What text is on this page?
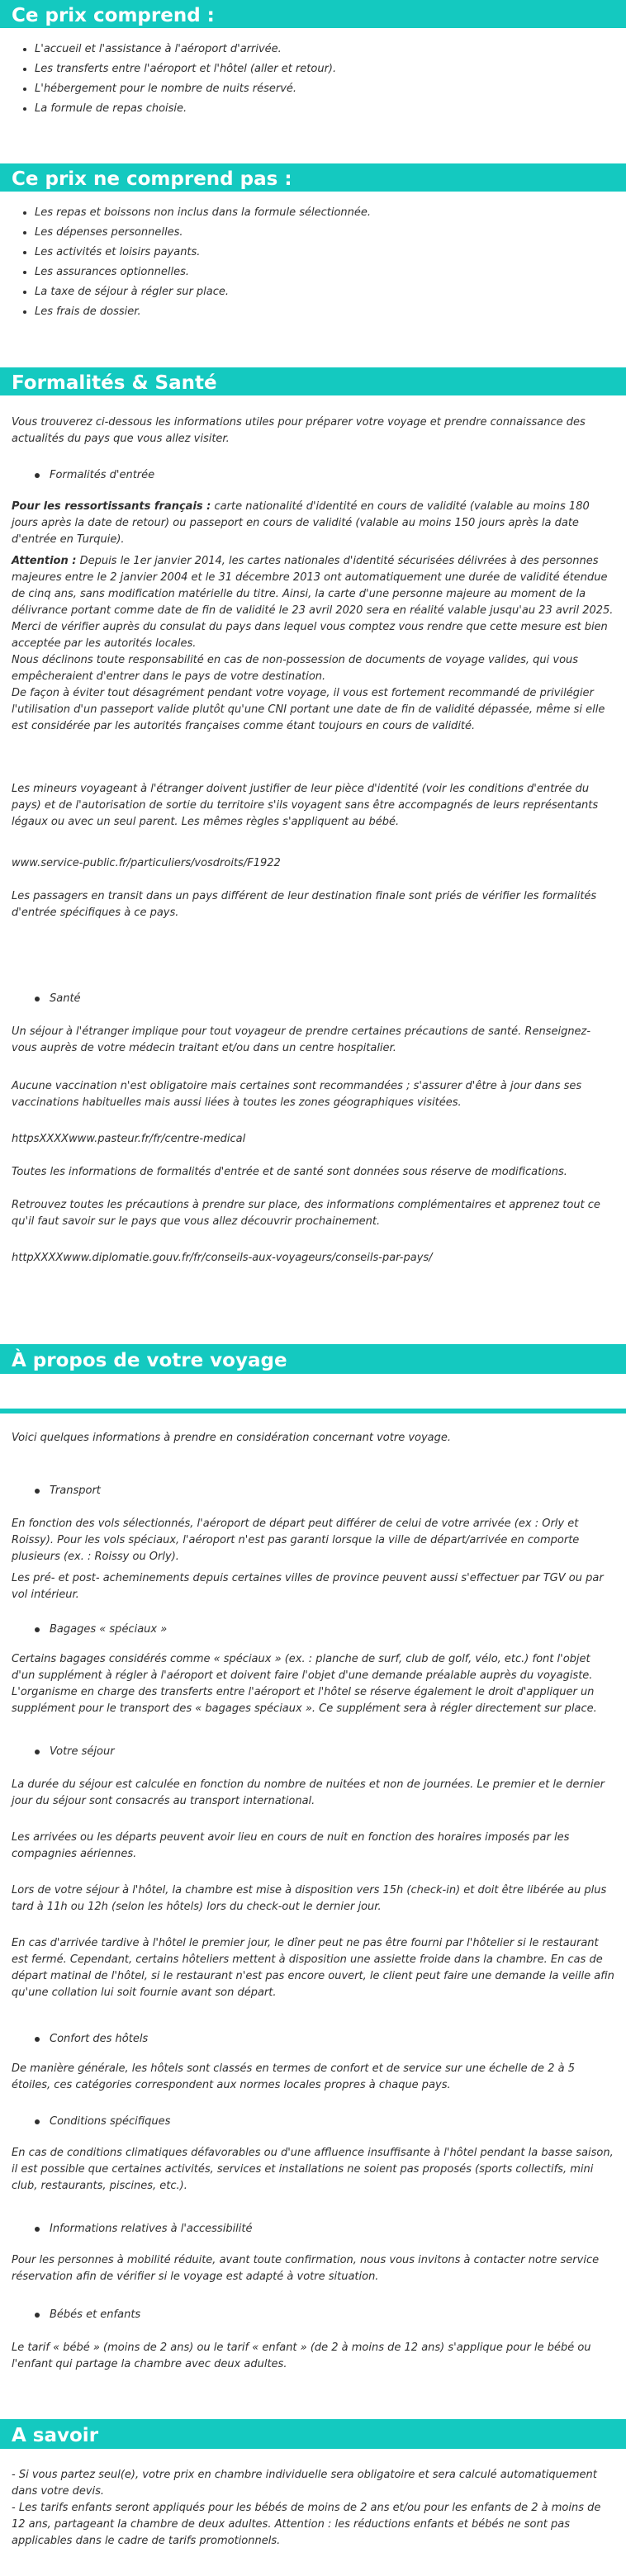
Ce prix comprend :
• L'accueil et l'assistance à l'aéroport d'arrivée.
• Les transferts entre l'aéroport et l'hôtel (aller et retour).
• L'hébergement pour le nombre de nuits réservé.
• La formule de repas choisie.
Ce prix ne comprend pas :
• Les repas et boissons non inclus dans la formule sélectionnée.
• Les dépenses personnelles.
• Les activités et loisirs payants.
• Les assurances optionnelles.
• La taxe de séjour à régler sur place.
• Les frais de dossier.
Formalités & Santé

Vous trouverez ci-dessous les informations utiles pour préparer votre voyage et prendre connaissance des actualités du pays que vous allez visiter.

Formalités d'entrée

Pour les ressortissants français : carte nationalité d'identité en cours de validité (valable au moins 180 jours après la date de retour) ou passeport en cours de validité (valable au moins 150 jours après la date d'entrée en Turquie).

Attention : Depuis le 1er janvier 2014, les cartes nationales d'identité sécurisées délivrées à des personnes majeures entre le 2 janvier 2004 et le 31 décembre 2013 ont automatiquement une durée de validité étendue de cinq ans, sans modification matérielle du titre. Ainsi, la carte d'une personne majeure au moment de la délivrance portant comme date de fin de validité le 23 avril 2020 sera en réalité valable jusqu'au 23 avril 2025.

Merci de vérifier auprès du consulat du pays dans lequel vous comptez vous rendre que cette mesure est bien acceptée par les autorités locales.

Nous déclinons toute responsabilité en cas de non-possession de documents de voyage valides, qui vous empêcheraient d'entrer dans le pays de votre destination.

De façon à éviter tout désagrément pendant votre voyage, il vous est fortement recommandé de privilégier l'utilisation d'un passeport valide plutôt qu'une CNI portant une date de fin de validité dépassée, même si elle est considérée par les autorités françaises comme étant toujours en cours de validité.

Les mineurs voyageant à l'étranger doivent justifier de leur pièce d'identité (voir les conditions d'entrée du pays) et de l'autorisation de sortie du territoire s'ils voyagent sans être accompagnés de leurs représentants légaux ou avec un seul parent. Les mêmes règles s'appliquent au bébé.

www.service-public.fr/particuliers/vosdroits/F1922

Les passagers en transit dans un pays différent de leur destination finale sont priés de vérifier les formalités d'entrée spécifiques à ce pays.

Santé

Un séjour à l'étranger implique pour tout voyageur de prendre certaines précautions de santé. Renseignez-vous auprès de votre médecin traitant et/ou dans un centre hospitalier.

Aucune vaccination n'est obligatoire mais certaines sont recommandées ; s'assurer d'être à jour dans ses vaccinations habituelles mais aussi liées à toutes les zones géographiques visitées.

httpsXXXXwww.pasteur.fr/fr/centre-medical

Toutes les informations de formalités d'entrée et de santé sont données sous réserve de modifications.

Retrouvez toutes les précautions à prendre sur place, des informations complémentaires et apprenez tout ce qu'il faut savoir sur le pays que vous allez découvrir prochainement.

httpXXXXwww.diplomatie.gouv.fr/fr/conseils-aux-voyageurs/conseils-par-pays/

À propos de votre voyage

Voici quelques informations à prendre en considération concernant votre voyage.

Transport

En fonction des vols sélectionnés, l'aéroport de départ peut différer de celui de votre arrivée (ex : Orly et Roissy). Pour les vols spéciaux, l'aéroport n'est pas garanti lorsque la ville de départ/arrivée en comporte plusieurs (ex. : Roissy ou Orly).

Les pré- et post- acheminements depuis certaines villes de province peuvent aussi s'effectuer par TGV ou par vol intérieur.

Bagages « spéciaux »

Certains bagages considérés comme « spéciaux » (ex. : planche de surf, club de golf, vélo, etc.) font l'objet d'un supplément à régler à l'aéroport et doivent faire l'objet d'une demande préalable auprès du voyagiste. L'organisme en charge des transferts entre l'aéroport et l'hôtel se réserve également le droit d'appliquer un supplément pour le transport des « bagages spéciaux ». Ce supplément sera à régler directement sur place.

Votre séjour

La durée du séjour est calculée en fonction du nombre de nuitées et non de journées. Le premier et le dernier jour du séjour sont consacrés au transport international.

Les arrivées ou les départs peuvent avoir lieu en cours de nuit en fonction des horaires imposés par les compagnies aériennes.

Lors de votre séjour à l'hôtel, la chambre est mise à disposition vers 15h (check-in) et doit être libérée au plus tard à 11h ou 12h (selon les hôtels) lors du check-out le dernier jour.

En cas d'arrivée tardive à l'hôtel le premier jour, le dîner peut ne pas être fourni par l'hôtelier si le restaurant est fermé. Cependant, certains hôteliers mettent à disposition une assiette froide dans la chambre. En cas de départ matinal de l'hôtel, si le restaurant n'est pas encore ouvert, le client peut faire une demande la veille afin qu'une collation lui soit fournie avant son départ.

Confort des hôtels

De manière générale, les hôtels sont classés en termes de confort et de service sur une échelle de 2 à 5 étoiles, ces catégories correspondent aux normes locales propres à chaque pays.

Conditions spécifiques

En cas de conditions climatiques défavorables ou d'une affluence insuffisante à l'hôtel pendant la basse saison, il est possible que certaines activités, services et installations ne soient pas proposés (sports collectifs, mini club, restaurants, piscines, etc.).

Informations relatives à l'accessibilité

Pour les personnes à mobilité réduite, avant toute confirmation, nous vous invitons à contacter notre service réservation afin de vérifier si le voyage est adapté à votre situation.

Bébés et enfants

Le tarif « bébé » (moins de 2 ans) ou le tarif « enfant » (de 2 à moins de 12 ans) s'applique pour le bébé ou l'enfant qui partage la chambre avec deux adultes.

A savoir

- Si vous partez seul(e), votre prix en chambre individuelle sera obligatoire et sera calculé automatiquement dans votre devis.

- Les tarifs enfants seront appliqués pour les bébés de moins de 2 ans et/ou pour les enfants de 2 à moins de 12 ans, partageant la chambre de deux adultes. Attention : les réductions enfants et bébés ne sont pas applicables dans le cadre de tarifs promotionnels.
